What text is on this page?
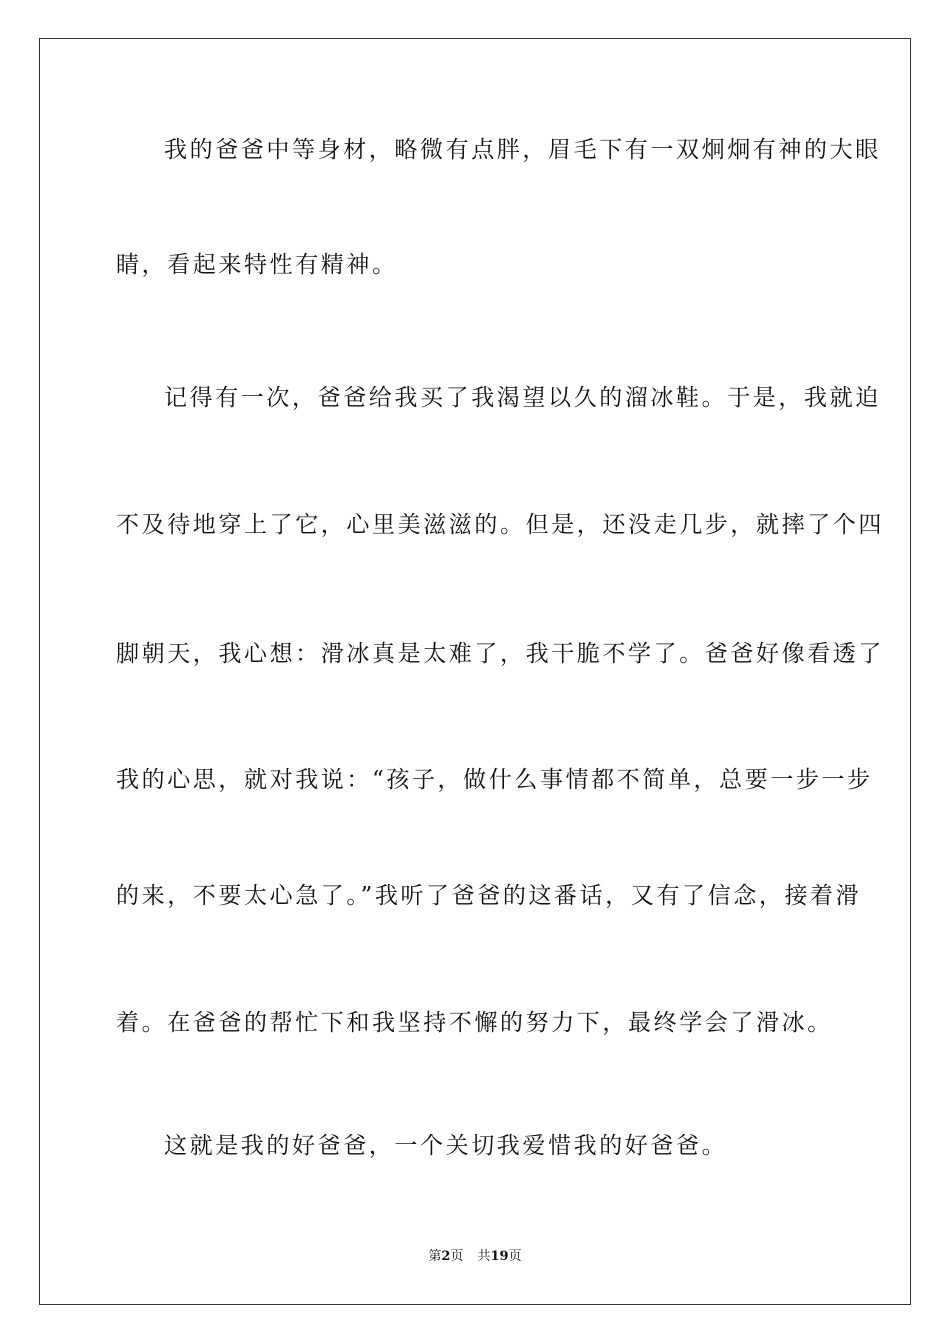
我的爸爸中等身材，略微有点胖，眉毛下有一双炯炯有神的大眼
睛，看起来特性有精神。
记得有一次，爸爸给我买了我渴望以久的溜冰鞋。于是，我就迫
不及待地穿上了它，心里美滋滋的。但是，还没走几步，就摔了个四
脚朝天，我心想：滑冰真是太难了，我干脆不学了。爸爸好像看透了
我的心思，就对我说：“孩子，做什么事情都不简单，总要一步一步
的来，不要太心急了。”我听了爸爸的这番话，又有了信念，接着滑
着。在爸爸的帮忙下和我坚持不懈的努力下，最终学会了滑冰。
这就是我的好爸爸，一个关切我爱惜我的好爸爸。
第2页 共19页
